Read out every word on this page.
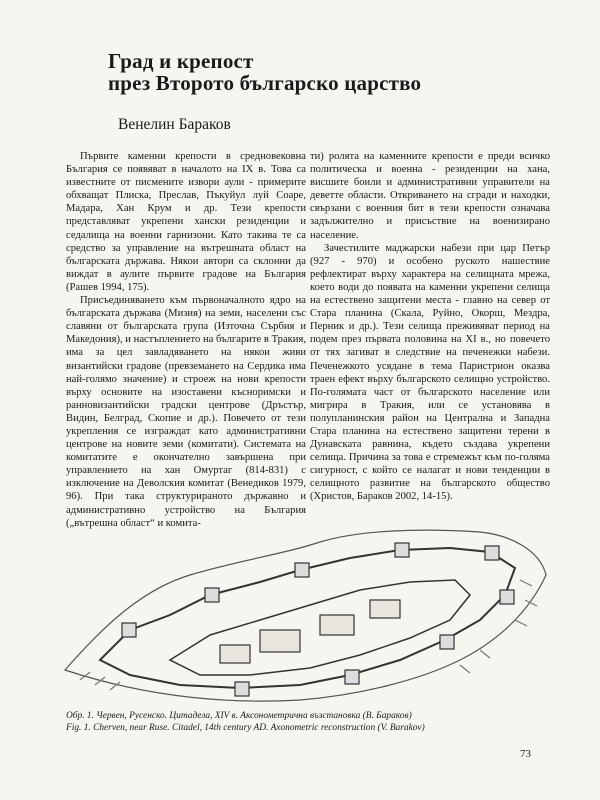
Град и крепост
през Второто българско царство
Венелин Бараков

Първите каменни крепости в средновековна България се появяват в началото на IX в. Това са известните от писмените извори аули - примерите обхващат Плиска, Преслав, Пъкуйул луй Соаре, Мадара, Хан Крум и др. Тези крепости представляват укрепени хански резиденции и седалища на военни гарнизони. Като такива те са средство за управление на вътрешната област на българската държава. Някои автори са склонни да виждат в аулите първите градове на България (Рашев 1994, 175).

Присъединяването към първоначалното ядро на българската държава (Мизия) на земи, населени със славяни от българската група (Източна Сърбия и Македония), и настъплението на българите в Тракия, има за цел завладяването на някои живи византийски градове (превземането на Сердика има най-голямо значение) и строеж на нови крепости върху основите на изоставени късноримски и ранновизантийски градски центрове (Дръстър, Видин, Белград, Скопие и др.). Повечето от тези укрепления се изграждат като административни центрове на новите земи (комитати). Системата на комитатите е окончателно завършена при управлението на хан Омуртаг (814-831) с изключение на Деволския комитат (Венедиков 1979, 96). При така структурираното държавно и административно устройство на България („вътрешна област“ и комита-

ти) ролята на каменните крепости е преди всичко политическа и военна - резиденции на хана, висшите боили и административни управители на деветте области. Откриването на сгради и находки, свързани с военния бит в тези крепости означава задължително и присъствие на военизирано население.

Зачестилите маджарски набези при цар Петър (927 - 970) и особено руското нашествие рефлектират върху характера на селищната мрежа, което води до появата на каменни укрепени селища на естествено защитени места - главно на север от Стара планина (Скала, Руйно, Окорш, Мездра, Перник и др.). Тези селища преживяват период на подем през първата половина на XI в., но повечето от тях загиват в следствие на печенежки набези. Печенежкото усядане в тема Паристрион оказва траен ефект върху българското селищно устройство. По-голямата част от българското население или мигрира в Тракия, или се установява в полупланинския район на Централна и Западна Стара планина на естествено защитени терени в Дунавската равнина, където създава укрепени селища. Причина за това е стремежът към по-голяма сигурност, с който се налагат и нови тенденции в селищното развитие на българското общество (Христов, Бараков 2002, 14-15).

Обр. 1. Червен, Русенско. Цитадела, XIV в. Аксонометрична възстановка (В. Бараков)
Fig. 1. Cherven, near Ruse. Citadel, 14th century AD. Axonometric reconstruction (V. Barakov)
73
